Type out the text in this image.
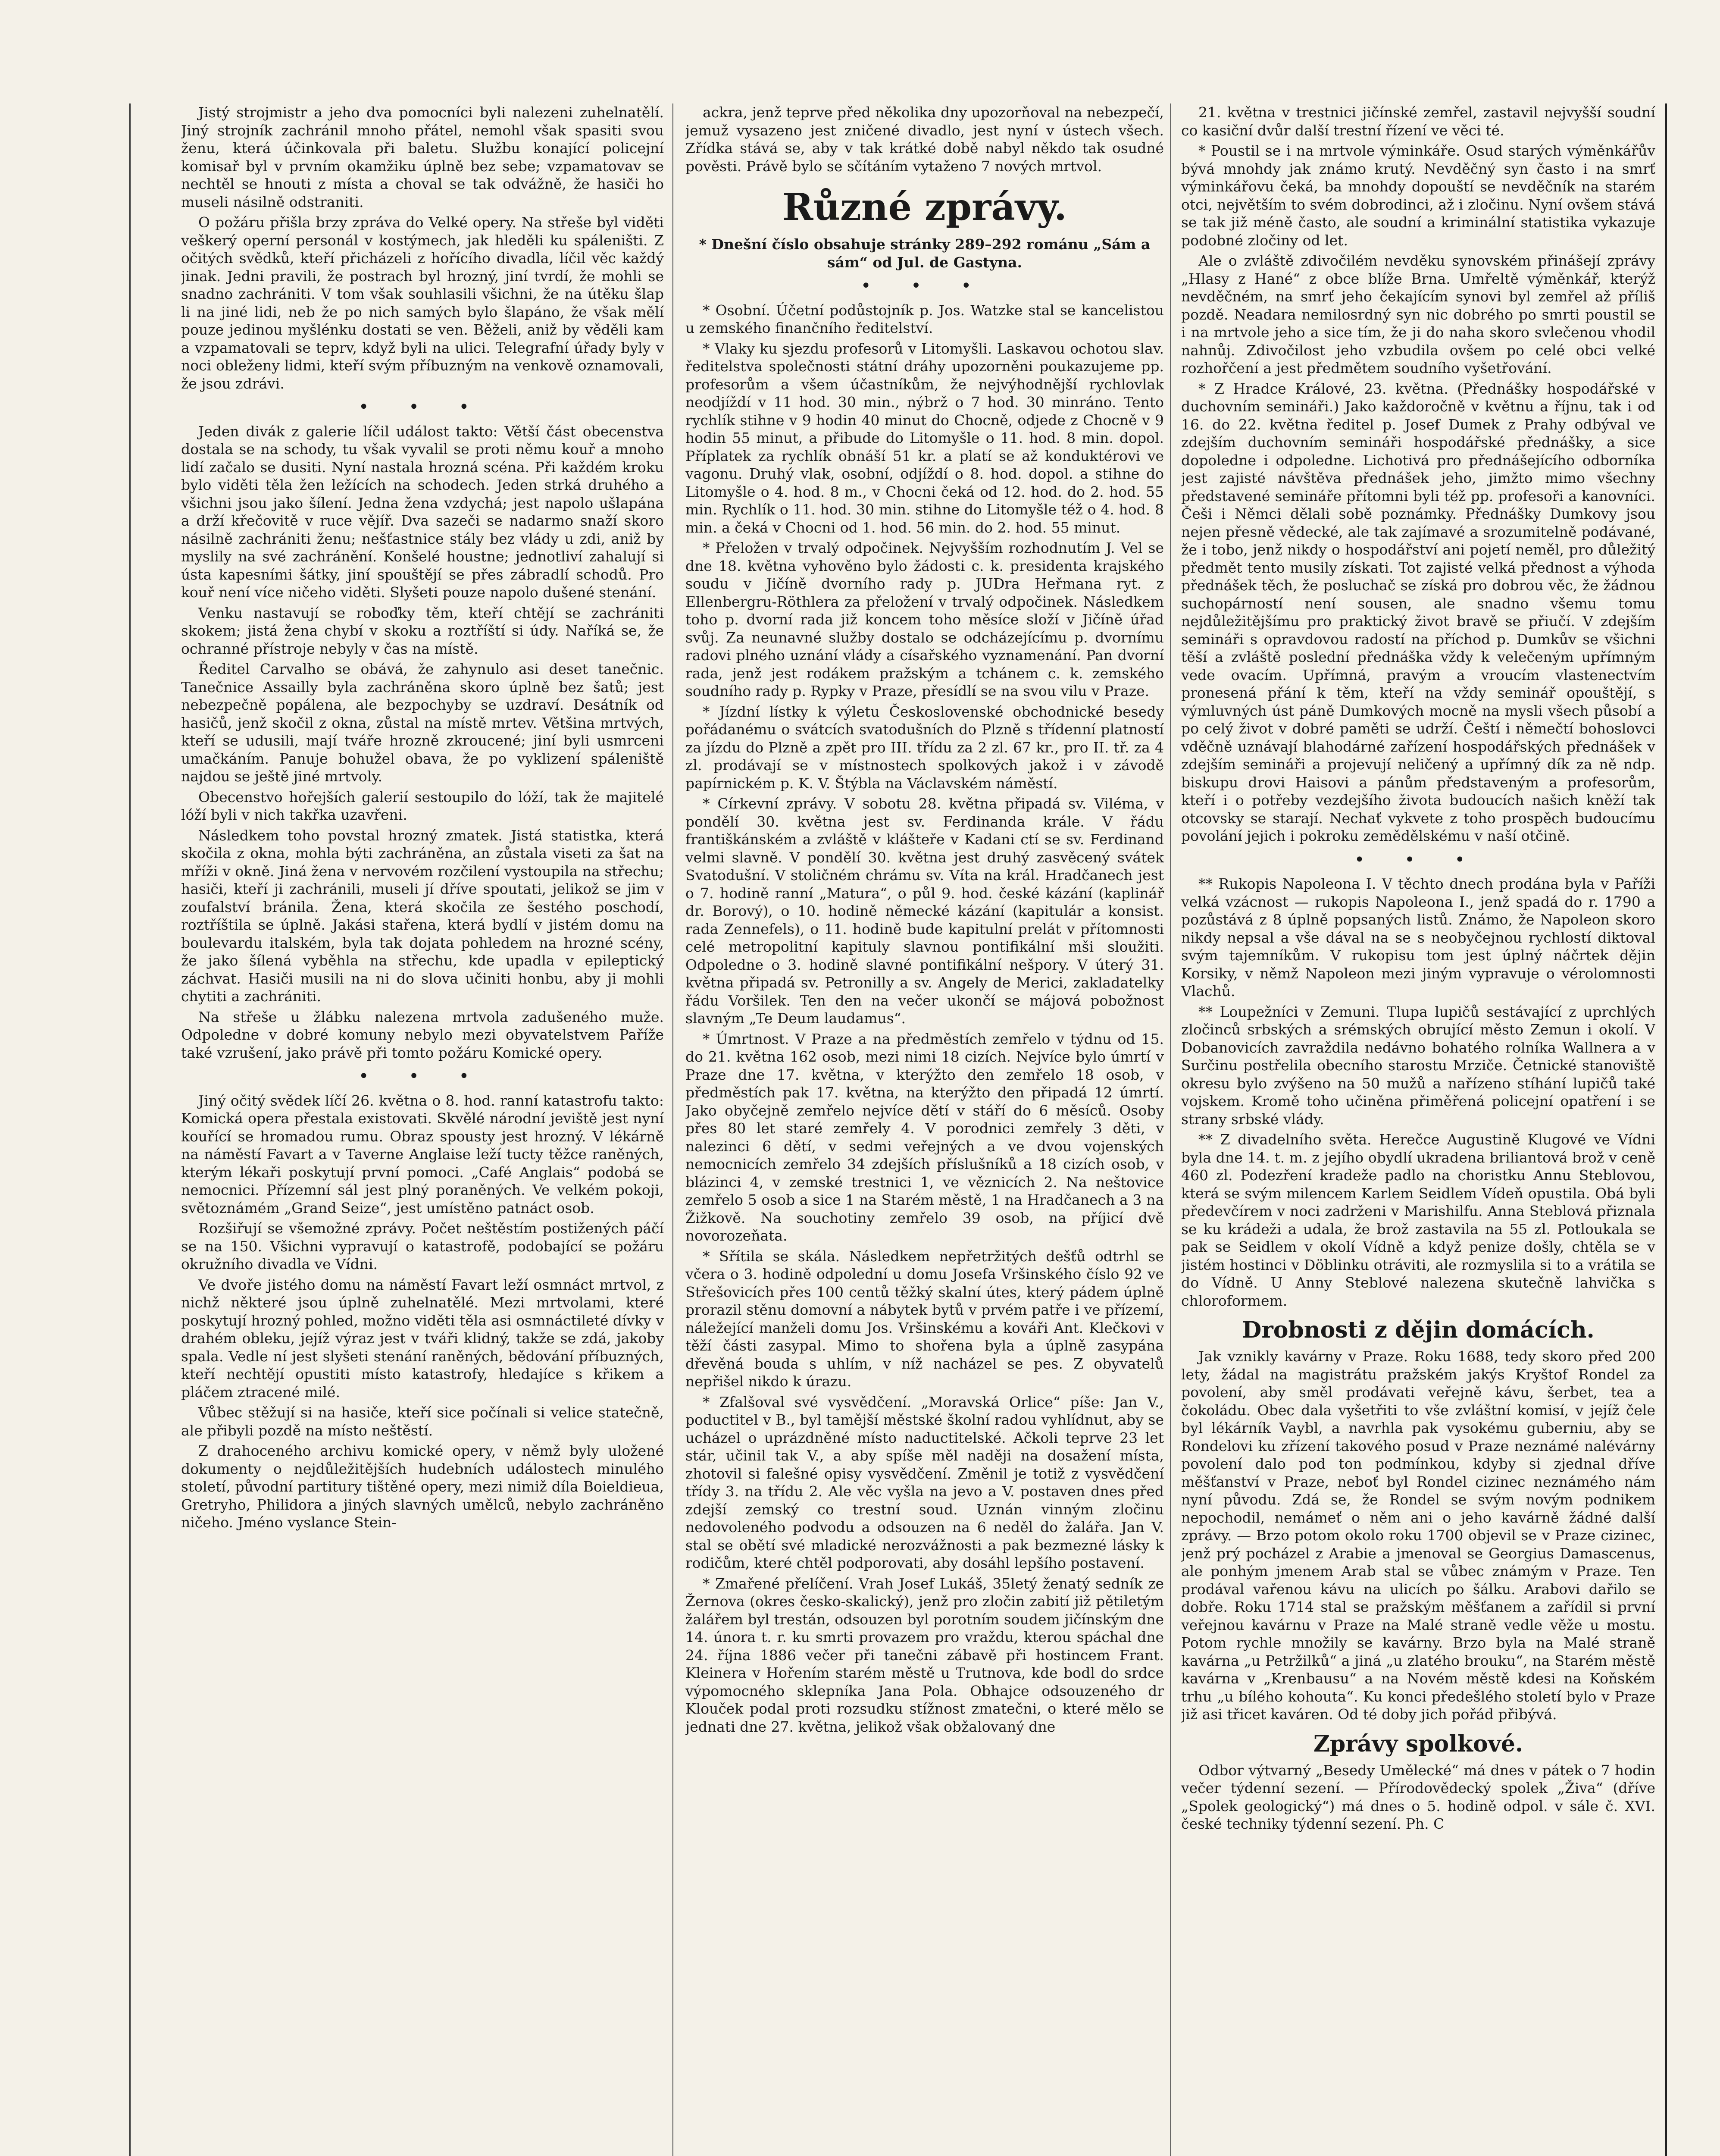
Jistý strojmistr a jeho dva pomocníci byli nalezeni zuhelnatělí. Jiný strojník zachránil mnoho přátel, nemohl však spasiti svou ženu, která účinkovala při baletu. Službu konající policejní komisař byl v prvním okamžiku úplně bez sebe; vzpamatovav se nechtěl se hnouti z místa a choval se tak odvážně, že hasiči ho museli násilně odstraniti.

O požáru přišla brzy zpráva do Velké opery. Na střeše byl viděti veškerý operní personál v kostýmech, jak hleděli ku spáleništi. Z očitých svědků, kteří přicházeli z hořícího divadla, líčil věc každý jinak. Jedni pravili, že postrach byl hrozný, jiní tvrdí, že mohli se snadno zachrániti. V tom však souhlasili všichni, že na útěku šlap li na jiné lidi, neb že po nich samých bylo šlapáno, že však mělí pouze jedinou myšlénku dostati se ven. Běželi, aniž by věděli kam a vzpamatovali se teprv, když byli na ulici. Telegrafní úřady byly v noci obleženy lidmi, kteří svým příbuzným na venkově oznamovali, že jsou zdrávi.

• • •

Jeden divák z galerie líčil událost takto: Větší část obecenstva dostala se na schody, tu však vyvalil se proti němu kouř a mnoho lidí začalo se dusiti. Nyní nastala hrozná scéna. Při každém kroku bylo viděti těla žen ležících na schodech. Jeden strká druhého a všichni jsou jako šílení. Jedna žena vzdychá; jest napolo ušlapána a drží křečovitě v ruce vějíř. Dva sazeči se nadarmo snaží skoro násilně zachrániti ženu; nešťastnice stály bez vlády u zdi, aniž by myslily na své zachránění. Konšelé houstne; jednotliví zahalují si ústa kapesními šátky, jiní spouštějí se přes zábradlí schodů. Pro kouř není více ničeho viděti. Slyšeti pouze napolo dušené stenání.

Venku nastavují se roboďky těm, kteří chtějí se zachrániti skokem; jistá žena chybí v skoku a roztříští si údy. Naříká se, že ochranné přístroje nebyly v čas na místě.

Ředitel Carvalho se obává, že zahynulo asi deset tanečnic. Tanečnice Assailly byla zachráněna skoro úplně bez šatů; jest nebezpečně popálena, ale bezpochyby se uzdraví. Desátník od hasičů, jenž skočil z okna, zůstal na místě mrtev. Většina mrtvých, kteří se udusili, mají tváře hrozně zkroucené; jiní byli usmrceni umačkáním. Panuje bohužel obava, že po vyklizení spáleniště najdou se ještě jiné mrtvoly.

Obecenstvo hořejších galerií sestoupilo do lóží, tak že majitelé lóží byli v nich takřka uzavřeni.

Následkem toho povstal hrozný zmatek. Jistá statistka, která skočila z okna, mohla býti zachráněna, an zůstala viseti za šat na mříži v okně. Jiná žena v nervovém rozčilení vystoupila na střechu; hasiči, kteří ji zachránili, museli jí dříve spoutati, jelikož se jim v zoufalství bránila. Žena, která skočila ze šestého poschodí, roztříštila se úplně. Jakási stařena, která bydlí v jistém domu na boulevardu italském, byla tak dojata pohledem na hrozné scény, že jako šílená vyběhla na střechu, kde upadla v epileptický záchvat. Hasiči musili na ni do slova učiniti honbu, aby ji mohli chytiti a zachrániti.

Na střeše u žlábku nalezena mrtvola zadušeného muže. Odpoledne v dobré komuny nebylo mezi obyvatelstvem Paříže také vzrušení, jako právě při tomto požáru Komické opery.

• • •

Jiný očitý svědek líčí 26. května o 8. hod. ranní katastrofu takto: Komická opera přestala existovati. Skvělé národní jeviště jest nyní kouřící se hromadou rumu. Obraz spousty jest hrozný. V lékárně na náměstí Favart a v Taverne Anglaise leží tucty těžce raněných, kterým lékaři poskytují první pomoci. „Café Anglais“ podobá se nemocnici. Přízemní sál jest plný poraněných. Ve velkém pokoji, světoznámém „Grand Seize“, jest umístěno patnáct osob.

Rozšiřují se všemožné zprávy. Počet neštěstím postižených páčí se na 150. Všichni vypravují o katastrofě, podobající se požáru okružního divadla ve Vídni.

Ve dvoře jistého domu na náměstí Favart leží osmnáct mrtvol, z nichž některé jsou úplně zuhelnatělé. Mezi mrtvolami, které poskytují hrozný pohled, možno viděti těla asi osmnáctileté dívky v drahém obleku, jejíž výraz jest v tváři klidný, takže se zdá, jakoby spala. Vedle ní jest slyšeti stenání raněných, bědování příbuzných, kteří nechtějí opustiti místo katastrofy, hledajíce s křikem a pláčem ztracené milé.

Vůbec stěžují si na hasiče, kteří sice počínali si velice statečně, ale přibyli pozdě na místo neštěstí.

Z drahoceného archivu komické opery, v němž byly uložené dokumenty o nejdůležitějších hudebních událostech minulého století, původní partitury tištěné opery, mezi nimiž díla Boieldieua, Gretryho, Philidora a jiných slavných umělců, nebylo zachráněno ničeho. Jméno vyslance Stein-

ackra, jenž teprve před několika dny upozorňoval na nebezpečí, jemuž vysazeno jest zničené divadlo, jest nyní v ústech všech. Zřídka stává se, aby v tak krátké době nabyl někdo tak osudné pověsti. Právě bylo se sčítáním vytaženo 7 nových mrtvol.

Různé zprávy.

* Dnešní číslo obsahuje stránky 289–292 románu „Sám a sám“ od Jul. de Gastyna.

• • •

* Osobní. Účetní podůstojník p. Jos. Watzke stal se kancelistou u zemského finančního ředitelství.

* Vlaky ku sjezdu profesorů v Litomyšli. Laskavou ochotou slav. ředitelstva společnosti státní dráhy upozorněni poukazujeme pp. profesorům a všem účastníkům, že nejvýhodnější rychlovlak neodjíždí v 11 hod. 30 min., nýbrž o 7 hod. 30 minráno. Tento rychlík stihne v 9 hodin 40 minut do Chocně, odjede z Chocně v 9 hodin 55 minut, a přibude do Litomyšle o 11. hod. 8 min. dopol. Příplatek za rychlík obnáší 51 kr. a platí se až konduktérovi ve vagonu. Druhý vlak, osobní, odjíždí o 8. hod. dopol. a stihne do Litomyšle o 4. hod. 8 m., v Chocni čeká od 12. hod. do 2. hod. 55 min. Rychlík o 11. hod. 30 min. stihne do Litomyšle též o 4. hod. 8 min. a čeká v Chocni od 1. hod. 56 min. do 2. hod. 55 minut.

* Přeložen v trvalý odpočinek. Nejvyšším rozhodnutím J. Vel se dne 18. května vyhověno bylo žádosti c. k. presidenta krajského soudu v Jičíně dvorního rady p. JUDra Heřmana ryt. z Ellenbergru-Röthlera za přeložení v trvalý odpočinek. Následkem toho p. dvorní rada již koncem toho měsíce složí v Jičíně úřad svůj. Za neunavné služby dostalo se odcházejícímu p. dvornímu radovi plného uznání vlády a císařského vyznamenání. Pan dvorní rada, jenž jest rodákem pražským a tchánem c. k. zemského soudního rady p. Rypky v Praze, přesídlí se na svou vilu v Praze.

* Jízdní lístky k výletu Československé obchodnické besedy pořádanému o svátcích svatodušních do Plzně s třídenní platností za jízdu do Plzně a zpět pro III. třídu za 2 zl. 67 kr., pro II. tř. za 4 zl. prodávají se v místnostech spolkových jakož i v závodě papírnickém p. K. V. Štýbla na Václavském náměstí.

* Církevní zprávy. V sobotu 28. května připadá sv. Viléma, v pondělí 30. května jest sv. Ferdinanda krále. V řádu františkánském a zvláště v klášteře v Kadani ctí se sv. Ferdinand velmi slavně. V pondělí 30. května jest druhý zasvěcený svátek Svatodušní. V stoličném chrámu sv. Víta na král. Hradčanech jest o 7. hodině ranní „Matura“, o půl 9. hod. české kázání (kaplinář dr. Borový), o 10. hodině německé kázání (kapitulár a konsist. rada Zennefels), o 11. hodině bude kapitulní prelát v přítomnosti celé metropolitní kapituly slavnou pontifikální mši sloužiti. Odpoledne o 3. hodině slavné pontifikální nešpory. V úterý 31. května připadá sv. Petronilly a sv. Angely de Merici, zakladatelky řádu Voršilek. Ten den na večer ukončí se májová pobožnost slavným „Te Deum laudamus“.

* Úmrtnost. V Praze a na předměstích zemřelo v týdnu od 15. do 21. května 162 osob, mezi nimi 18 cizích. Nejvíce bylo úmrtí v Praze dne 17. května, v kterýžto den zemřelo 18 osob, v předměstích pak 17. května, na kterýžto den připadá 12 úmrtí. Jako obyčejně zemřelo nejvíce dětí v stáří do 6 měsíců. Osoby přes 80 let staré zemřely 4. V porodnici zemřely 3 děti, v nalezinci 6 dětí, v sedmi veřejných a ve dvou vojenských nemocnicích zemřelo 34 zdejších příslušníků a 18 cizích osob, v blázinci 4, v zemské trestnici 1, ve věznicích 2. Na neštovice zemřelo 5 osob a sice 1 na Starém městě, 1 na Hradčanech a 3 na Žižkově. Na souchotiny zemřelo 39 osob, na příjicí dvě novorozeňata.

* Sřítila se skála. Následkem nepřetržitých dešťů odtrhl se včera o 3. hodině odpolední u domu Josefa Vršinského číslo 92 ve Střešovicích přes 100 centů těžký skalní útes, který pádem úplně prorazil stěnu domovní a nábytek bytů v prvém patře i ve přízemí, náležející manželi domu Jos. Vršinskému a kováři Ant. Klečkovi v těží části zasypal. Mimo to shořena byla a úplně zasypána dřevěná bouda s uhlím, v níž nacházel se pes. Z obyvatelů nepřišel nikdo k úrazu.

* Zfalšoval své vysvědčení. „Moravská Orlice“ píše: Jan V., poductitel v B., byl tamější městské školní radou vyhlídnut, aby se ucházel o uprázdněné místo naductitelské. Ačkoli teprve 23 let stár, učinil tak V., a aby spíše měl naději na dosažení místa, zhotovil si falešné opisy vysvědčení. Změnil je totiž z vysvědčení třídy 3. na třídu 2. Ale věc vyšla na jevo a V. postaven dnes před zdejší zemský co trestní soud. Uznán vinným zločinu nedovoleného podvodu a odsouzen na 6 neděl do žalářa. Jan V. stal se obětí své mladické nerozvážnosti a pak bezmezné lásky k rodičům, které chtěl podporovati, aby dosáhl lepšího postavení.

* Zmařené přelíčení. Vrah Josef Lukáš, 35letý ženatý sedník ze Žernova (okres česko-skalický), jenž pro zločin zabití již pětiletým žalářem byl trestán, odsouzen byl porotním soudem jičínským dne 14. února t. r. ku smrti provazem pro vraždu, kterou spáchal dne 24. října 1886 večer při tanečni zábavě při hostincem Frant. Kleinera v Hořením starém městě u Trutnova, kde bodl do srdce výpomocného sklepníka Jana Pola. Obhajce odsouzeného dr Klouček podal proti rozsudku stížnost zmatečni, o které mělo se jednati dne 27. května, jelikož však obžalovaný dne

21. května v trestnici jičínské zemřel, zastavil nejvyšší soudní co kasiční dvůr další trestní řízení ve věci té.

* Poustil se i na mrtvole výminkáře. Osud starých výměnkářův bývá mnohdy jak známo krutý. Nevděčný syn často i na smrť výminkářovu čeká, ba mnohdy dopouští se nevděčník na starém otci, největším to svém dobrodinci, až i zločinu. Nyní ovšem stává se tak již méně často, ale soudní a kriminální statistika vykazuje podobné zločiny od let.

Ale o zvláště zdivočilém nevděku synovském přinášejí zprávy „Hlasy z Hané“ z obce blíže Brna. Umřeltě výměnkář, kterýž nevděčném, na smrť jeho čekajícím synovi byl zemřel až příliš pozdě. Neadara nemilosrdný syn nic dobrého po smrti poustil se i na mrtvole jeho a sice tím, že ji do naha skoro svlečenou vhodil nahnůj. Zdivočilost jeho vzbudila ovšem po celé obci velké rozhořčení a jest předmětem soudního vyšetřování.

* Z Hradce Králové, 23. května. (Přednášky hospodářské v duchovním semináři.) Jako každoročně v květnu a říjnu, tak i od 16. do 22. května ředitel p. Josef Dumek z Prahy odbýval ve zdejším duchovním semináři hospodářské přednášky, a sice dopoledne i odpoledne. Lichotivá pro přednášejícího odborníka jest zajisté návštěva přednášek jeho, jimžto mimo všechny představené semináře přítomni byli též pp. profesoři a kanovníci. Češi i Němci dělali sobě poznámky. Přednášky Dumkovy jsou nejen přesně vědecké, ale tak zajímavé a srozumitelně podávané, že i tobo, jenž nikdy o hospodářství ani pojetí neměl, pro důležitý předmět tento musily získati. Tot zajisté velká přednost a výhoda přednášek těch, že posluchač se získá pro dobrou věc, že žádnou suchopárností není sousen, ale snadno všemu tomu nejdůležitějšímu pro praktický život bravě se přiučí. V zdejším semináři s opravdovou radostí na příchod p. Dumkův se všichni těší a zvláště poslední přednáška vždy k velečeným upřímným vede ovacím. Upřímná, pravým a vroucím vlastenectvím pronesená přání k těm, kteří na vždy seminář opouštějí, s výmluvných úst páně Dumkových mocně na mysli všech působí a po celý život v dobré paměti se udrží. Čeští i němečtí bohoslovci vděčně uznávají blahodárné zařízení hospodářských přednášek v zdejším semináři a projevují neličený a upřímný dík za ně ndp. biskupu drovi Haisovi a pánům představeným a profesorům, kteří i o potřeby vezdejšího života budoucích našich kněží tak otcovsky se starají. Nechať vykvete z toho prospěch budoucímu povolání jejich i pokroku zemědělskému v naší otčině.

• • •

** Rukopis Napoleona I. V těchto dnech prodána byla v Paříži velká vzácnost — rukopis Napoleona I., jenž spadá do r. 1790 a pozůstává z 8 úplně popsaných listů. Známo, že Napoleon skoro nikdy nepsal a vše dával na se s neobyčejnou rychlostí diktoval svým tajemníkům. V rukopisu tom jest úplný náčrtek dějin Korsiky, v němž Napoleon mezi jiným vypravuje o vérolomnosti Vlachů.

** Loupežníci v Zemuni. Tlupa lupičů sestávající z uprchlých zločinců srbských a srémských obrující město Zemun i okolí. V Dobanovicích zavraždila nedávno bohatého rolníka Wallnera a v Surčinu postřelila obecního starostu Mrziče. Četnické stanoviště okresu bylo zvýšeno na 50 mužů a nařízeno stíhání lupičů také vojskem. Kromě toho učiněna přiměřená policejní opatření i se strany srbské vlády.

** Z divadelního světa. Herečce Augustině Klugové ve Vídni byla dne 14. t. m. z jejího obydlí ukradena briliantová brož v ceně 460 zl. Podezření kradeže padlo na choristku Annu Steblovou, která se svým milencem Karlem Seidlem Vídeň opustila. Obá byli předevčírem v noci zadrženi v Marishilfu. Anna Steblová přiznala se ku krádeži a udala, že brož zastavila na 55 zl. Potloukala se pak se Seidlem v okolí Vídně a když penize došly, chtěla se v jistém hostinci v Döblinku otráviti, ale rozmyslila si to a vrátila se do Vídně. U Anny Steblové nalezena skutečně lahvička s chloroformem.

Drobnosti z dějin domácích.

Jak vznikly kavárny v Praze. Roku 1688, tedy skoro před 200 lety, žádal na magistrátu pražském jakýs Kryštof Rondel za povolení, aby směl prodávati veřejně kávu, šerbet, tea a čokoládu. Obec dala vyšetřiti to vše zvláštní komisí, v jejíž čele byl lékárník Vaybl, a navrhla pak vysokému guberniu, aby se Rondelovi ku zřízení takového posud v Praze neznámé nalévárny povolení dalo pod ton podmínkou, kdyby si zjednal dříve měšťanství v Praze, neboť byl Rondel cizinec neznámého nám nyní původu. Zdá se, že Rondel se svým novým podnikem nepochodil, nemámeť o něm ani o jeho kavárně žádné další zprávy. — Brzo potom okolo roku 1700 objevil se v Praze cizinec, jenž prý pocházel z Arabie a jmenoval se Georgius Damascenus, ale ponhým jmenem Arab stal se vůbec známým v Praze. Ten prodával vařenou kávu na ulicích po šálku. Arabovi dařilo se dobře. Roku 1714 stal se pražským měšťanem a zařídil si první veřejnou kavárnu v Praze na Malé straně vedle věže u mostu. Potom rychle množily se kavárny. Brzo byla na Malé straně kavárna „u Petržilků“ a jiná „u zlatého brouku“, na Starém městě kavárna v „Krenbausu“ a na Novém městě kdesi na Koňském trhu „u bílého kohouta“. Ku konci předešlého století bylo v Praze již asi třicet kaváren. Od té doby jich pořád přibývá.

Zprávy spolkové.

Odbor výtvarný „Besedy Umělecké“ má dnes v pátek o 7 hodin večer týdenní sezení. — Přírodovědecký spolek „Živa“ (dříve „Spolek geologický“) má dnes o 5. hodině odpol. v sále č. XVI. české techniky týdenní sezení. Ph. C
